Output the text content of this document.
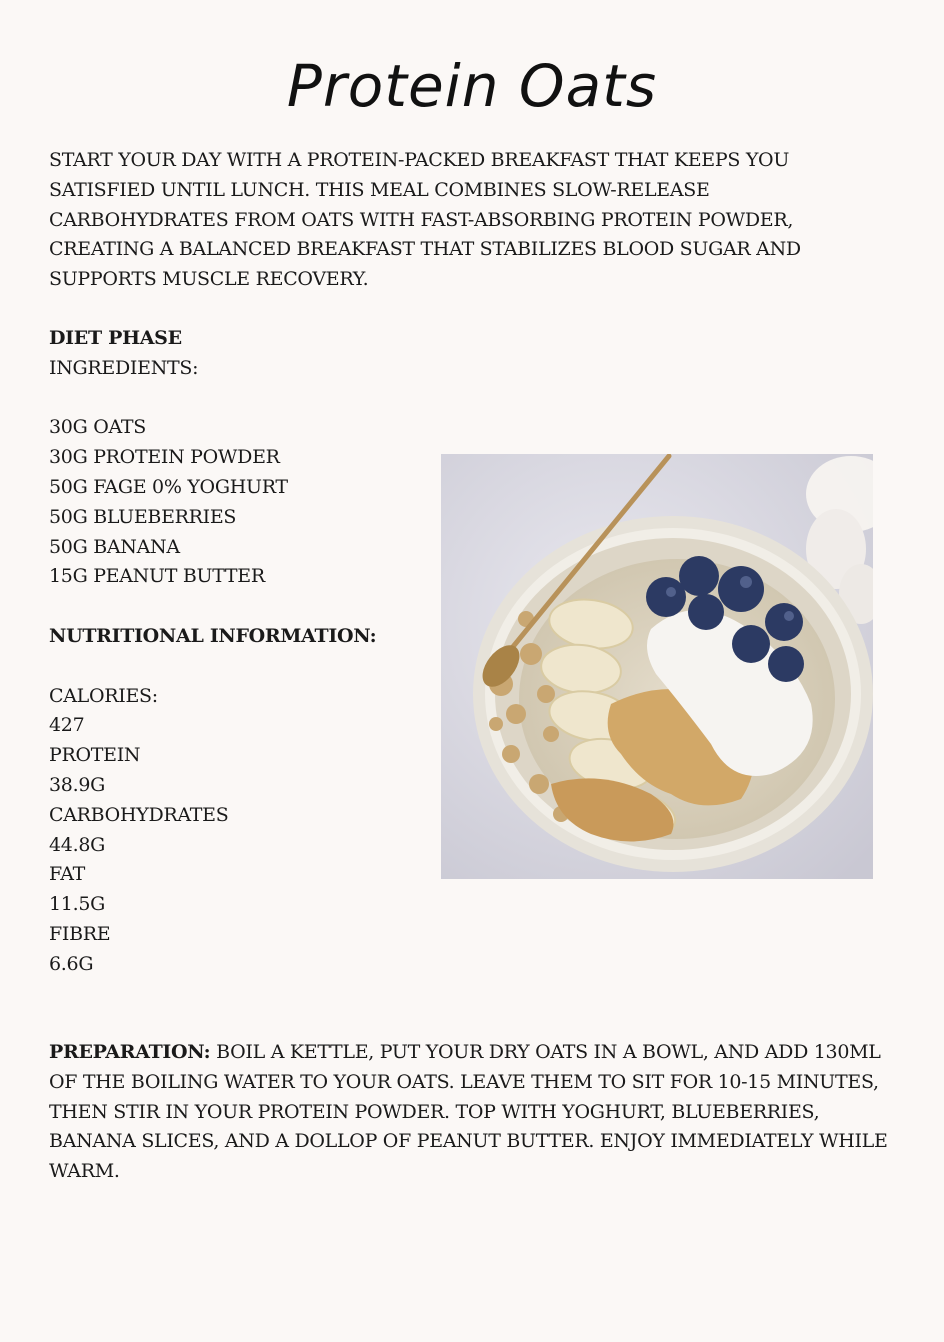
Protein Oats
START YOUR DAY WITH A PROTEIN-PACKED BREAKFAST THAT KEEPS YOU SATISFIED UNTIL LUNCH. THIS MEAL COMBINES SLOW-RELEASE CARBOHYDRATES FROM OATS WITH FAST-ABSORBING PROTEIN POWDER, CREATING A BALANCED BREAKFAST THAT STABILIZES BLOOD SUGAR AND SUPPORTS MUSCLE RECOVERY.

DIET PHASE

INGREDIENTS:

30G OATS

30G PROTEIN POWDER

50G FAGE 0% YOGHURT

50G BLUEBERRIES

50G BANANA

15G PEANUT BUTTER

NUTRITIONAL INFORMATION:

CALORIES:

427

PROTEIN

38.9G

CARBOHYDRATES

44.8G

FAT

11.5G

FIBRE

6.6G

PREPARATION: BOIL A KETTLE, PUT YOUR DRY OATS IN A BOWL, AND ADD 130ML OF THE BOILING WATER TO YOUR OATS. LEAVE THEM TO SIT FOR 10-15 MINUTES, THEN STIR IN YOUR PROTEIN POWDER. TOP WITH YOGHURT, BLUEBERRIES, BANANA SLICES, AND A DOLLOP OF PEANUT BUTTER. ENJOY IMMEDIATELY WHILE WARM.
